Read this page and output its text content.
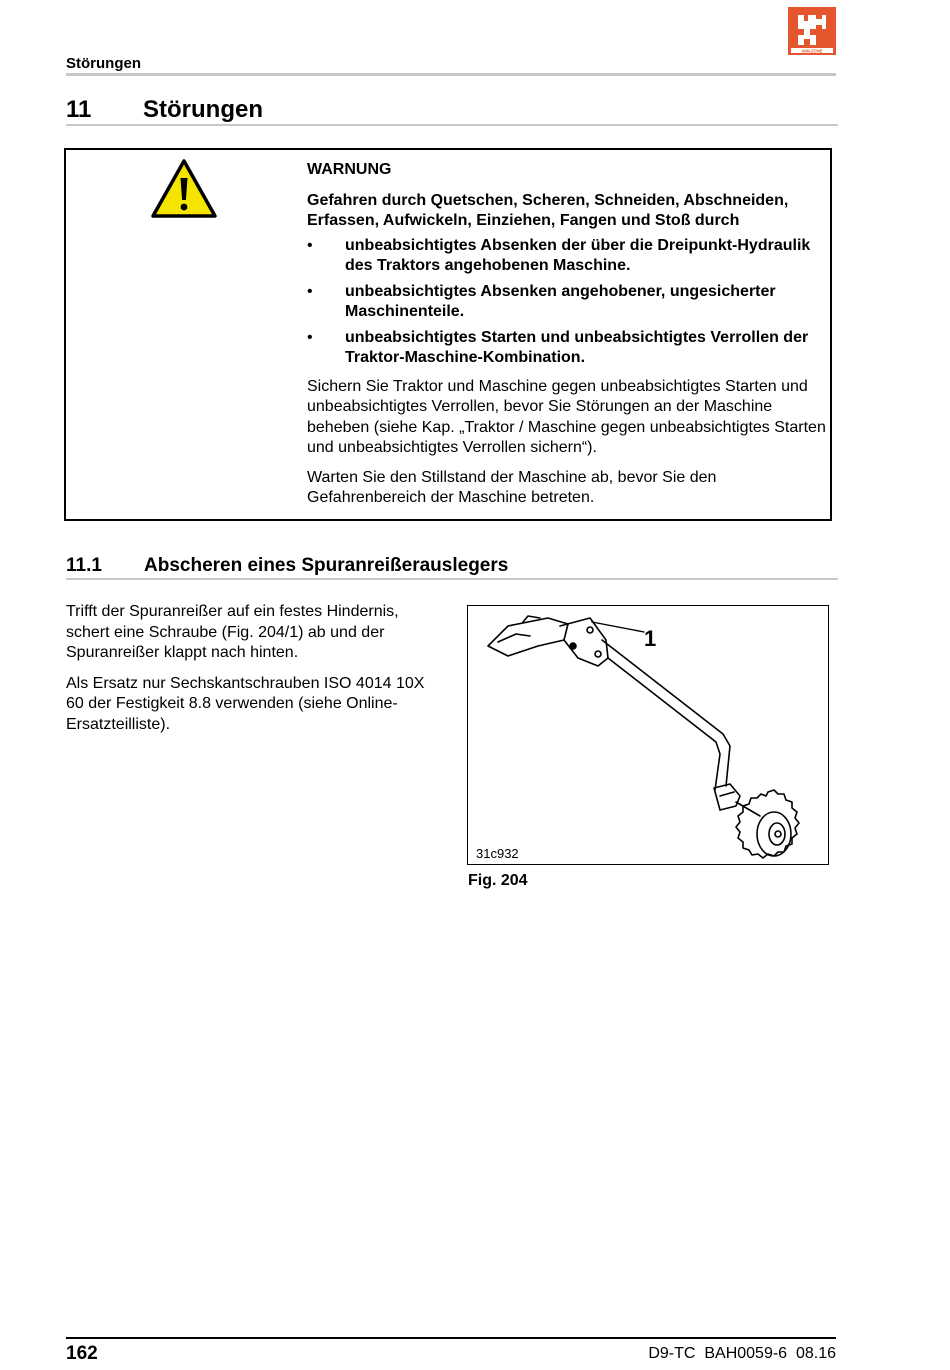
Störungen
AMAZONE
11 Störungen
WARNUNG
Gefahren durch Quetschen, Scheren, Schneiden, Abschneiden, Erfassen, Aufwickeln, Einziehen, Fangen und Stoß durch
• unbeabsichtigtes Absenken der über die Dreipunkt-Hydraulik des Traktors angehobenen Maschine.
• unbeabsichtigtes Absenken angehobener, ungesicherter Maschinenteile.
• unbeabsichtigtes Starten und unbeabsichtigtes Verrollen der Traktor-Maschine-Kombination.

Sichern Sie Traktor und Maschine gegen unbeabsichtigtes Starten und unbeabsichtigtes Verrollen, bevor Sie Störungen an der Maschine beheben (siehe Kap. „Traktor / Maschine gegen unbeabsichtigtes Starten und unbeabsichtigtes Verrollen sichern“).

Warten Sie den Stillstand der Maschine ab, bevor Sie den Gefahrenbereich der Maschine betreten.

11.1 Abscheren eines Spuranreißerauslegers

Trifft der Spuranreißer auf ein festes Hindernis, schert eine Schraube (Fig. 204/1) ab und der Spuranreißer klappt nach hinten.

Als Ersatz nur Sechskantschrauben ISO 4014 10X 60 der Festigkeit 8.8 verwenden (siehe Online-Ersatzteilliste).

1
31c932
Fig. 204
162	D9-TC  BAH0059-6  08.16
